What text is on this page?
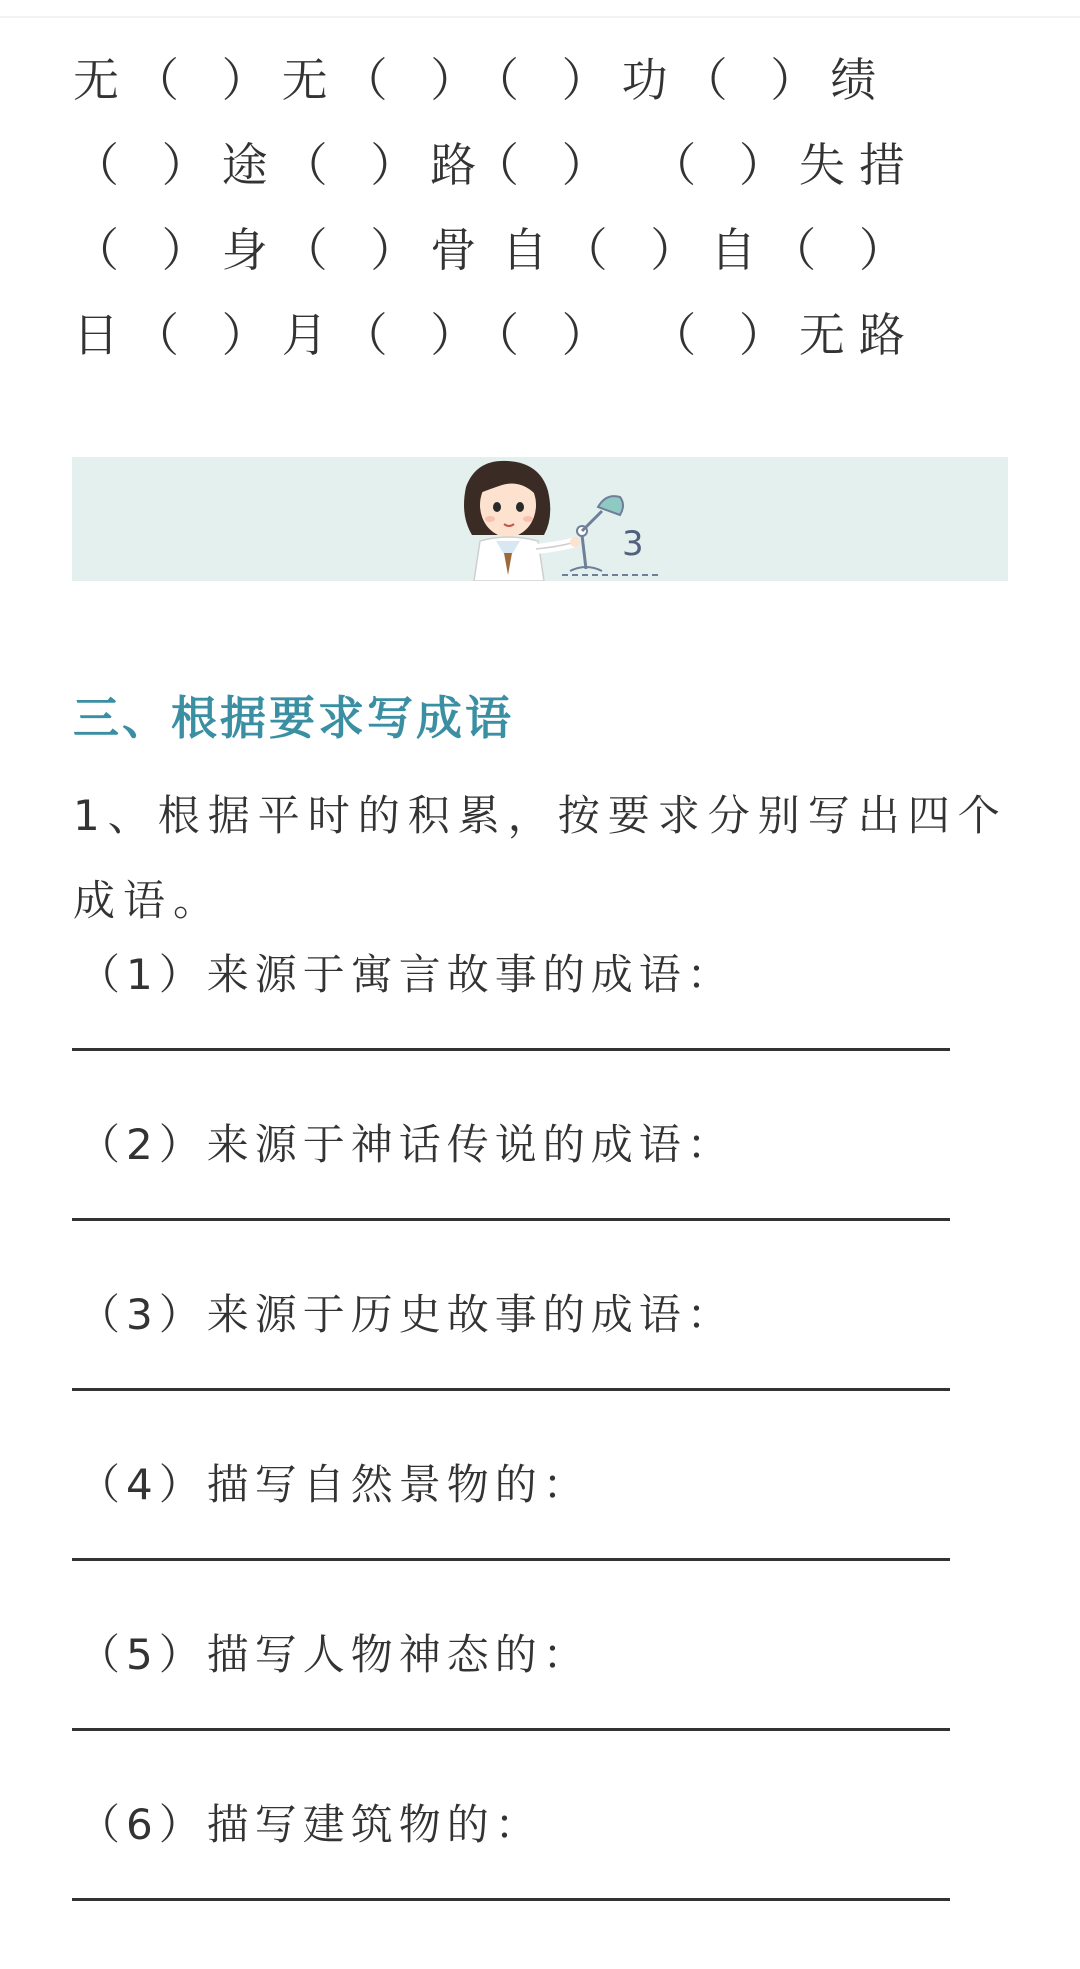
无（ ）无（ ）
（ ）功（ ）绩
（ ）途（ ）路
（ ） （ ）失措
（ ）身（ ）骨
自（ ）自（ ）
日（ ）月（ ）
（ ） （ ）无路
3
三、根据要求写成语
1、根据平时的积累，按要求分别写出四个成语。
（1）来源于寓言故事的成语：
（2）来源于神话传说的成语：
（3）来源于历史故事的成语：
（4）描写自然景物的：
（5）描写人物神态的：
（6）描写建筑物的：
